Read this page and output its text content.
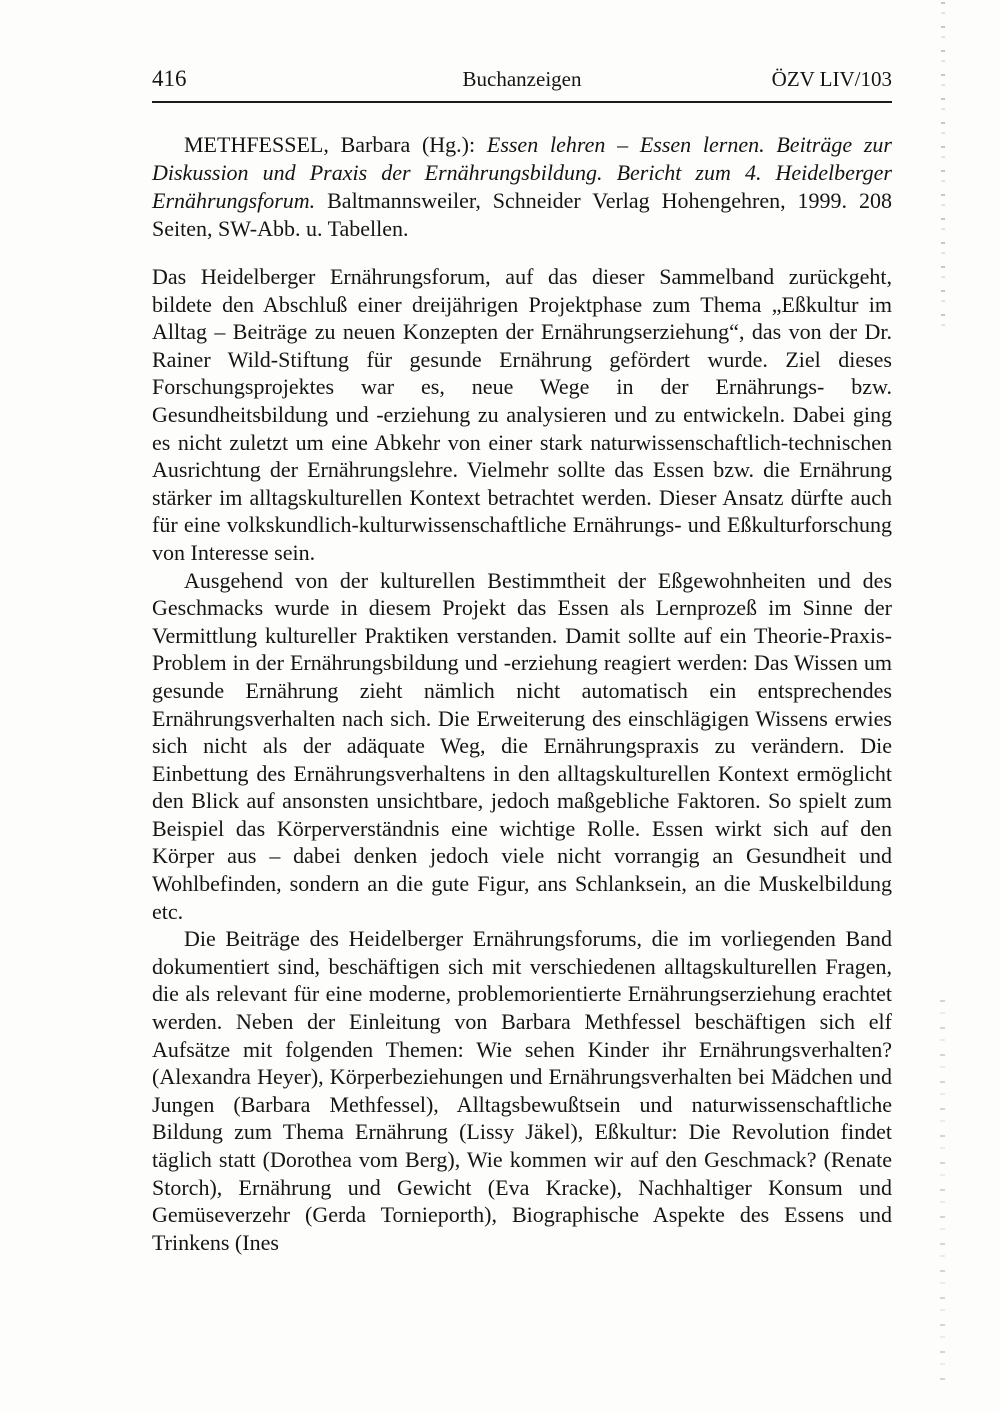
416	Buchanzeigen	ÖZV LIV/103

METHFESSEL, Barbara (Hg.): Essen lehren – Essen lernen. Beiträge zur Diskussion und Praxis der Ernährungsbildung. Bericht zum 4. Heidelberger Ernährungsforum. Baltmannsweiler, Schneider Verlag Hohengehren, 1999. 208 Seiten, SW-Abb. u. Tabellen.

Das Heidelberger Ernährungsforum, auf das dieser Sammelband zurückgeht, bildete den Abschluß einer dreijährigen Projektphase zum Thema „Eßkultur im Alltag – Beiträge zu neuen Konzepten der Ernährungserziehung“, das von der Dr. Rainer Wild-Stiftung für gesunde Ernährung gefördert wurde. Ziel dieses Forschungsprojektes war es, neue Wege in der Ernährungs- bzw. Gesundheitsbildung und -erziehung zu analysieren und zu entwickeln. Dabei ging es nicht zuletzt um eine Abkehr von einer stark naturwissenschaftlich-technischen Ausrichtung der Ernährungslehre. Vielmehr sollte das Essen bzw. die Ernährung stärker im alltagskulturellen Kontext betrachtet werden. Dieser Ansatz dürfte auch für eine volkskundlich-kulturwissenschaftliche Ernährungs- und Eßkulturforschung von Interesse sein.

Ausgehend von der kulturellen Bestimmtheit der Eßgewohnheiten und des Geschmacks wurde in diesem Projekt das Essen als Lernprozeß im Sinne der Vermittlung kultureller Praktiken verstanden. Damit sollte auf ein Theorie-Praxis-Problem in der Ernährungsbildung und -erziehung reagiert werden: Das Wissen um gesunde Ernährung zieht nämlich nicht automatisch ein entsprechendes Ernährungsverhalten nach sich. Die Erweiterung des einschlägigen Wissens erwies sich nicht als der adäquate Weg, die Ernährungspraxis zu verändern. Die Einbettung des Ernährungsverhaltens in den alltagskulturellen Kontext ermöglicht den Blick auf ansonsten unsichtbare, jedoch maßgebliche Faktoren. So spielt zum Beispiel das Körperverständnis eine wichtige Rolle. Essen wirkt sich auf den Körper aus – dabei denken jedoch viele nicht vorrangig an Gesundheit und Wohlbefinden, sondern an die gute Figur, ans Schlanksein, an die Muskelbildung etc.

Die Beiträge des Heidelberger Ernährungsforums, die im vorliegenden Band dokumentiert sind, beschäftigen sich mit verschiedenen alltagskulturellen Fragen, die als relevant für eine moderne, problemorientierte Ernährungserziehung erachtet werden. Neben der Einleitung von Barbara Methfessel beschäftigen sich elf Aufsätze mit folgenden Themen: Wie sehen Kinder ihr Ernährungsverhalten? (Alexandra Heyer), Körperbeziehungen und Ernährungsverhalten bei Mädchen und Jungen (Barbara Methfessel), Alltagsbewußtsein und naturwissenschaftliche Bildung zum Thema Ernährung (Lissy Jäkel), Eßkultur: Die Revolution findet täglich statt (Dorothea vom Berg), Wie kommen wir auf den Geschmack? (Renate Storch), Ernährung und Gewicht (Eva Kracke), Nachhaltiger Konsum und Gemüseverzehr (Gerda Tornieporth), Biographische Aspekte des Essens und Trinkens (Ines
